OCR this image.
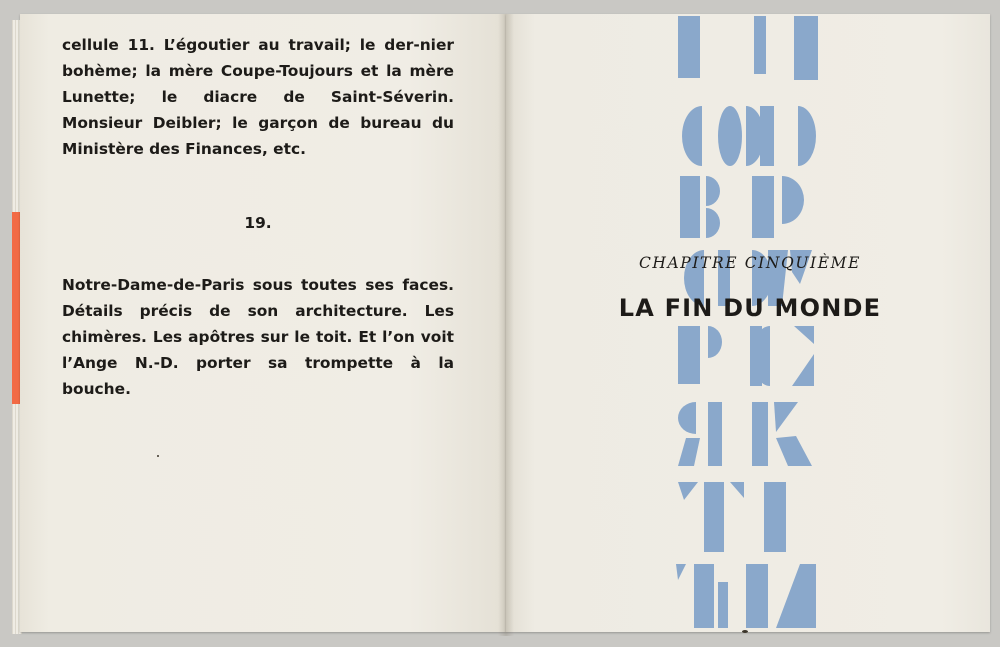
cellule 11. L’égoutier au travail; le der-nier bohème; la mère Coupe-Toujours et la mère Lunette; le diacre de Saint-Séverin. Monsieur Deibler; le garçon de bureau du Ministère des Finances, etc.

19.

Notre-Dame-de-Paris sous toutes ses faces. Détails précis de son architecture. Les chimères. Les apôtres sur le toit. Et l’on voit l’Ange N.-D. porter sa trompette à la bouche.

CHAPITRE CINQUIÈME

LA FIN DU MONDE
